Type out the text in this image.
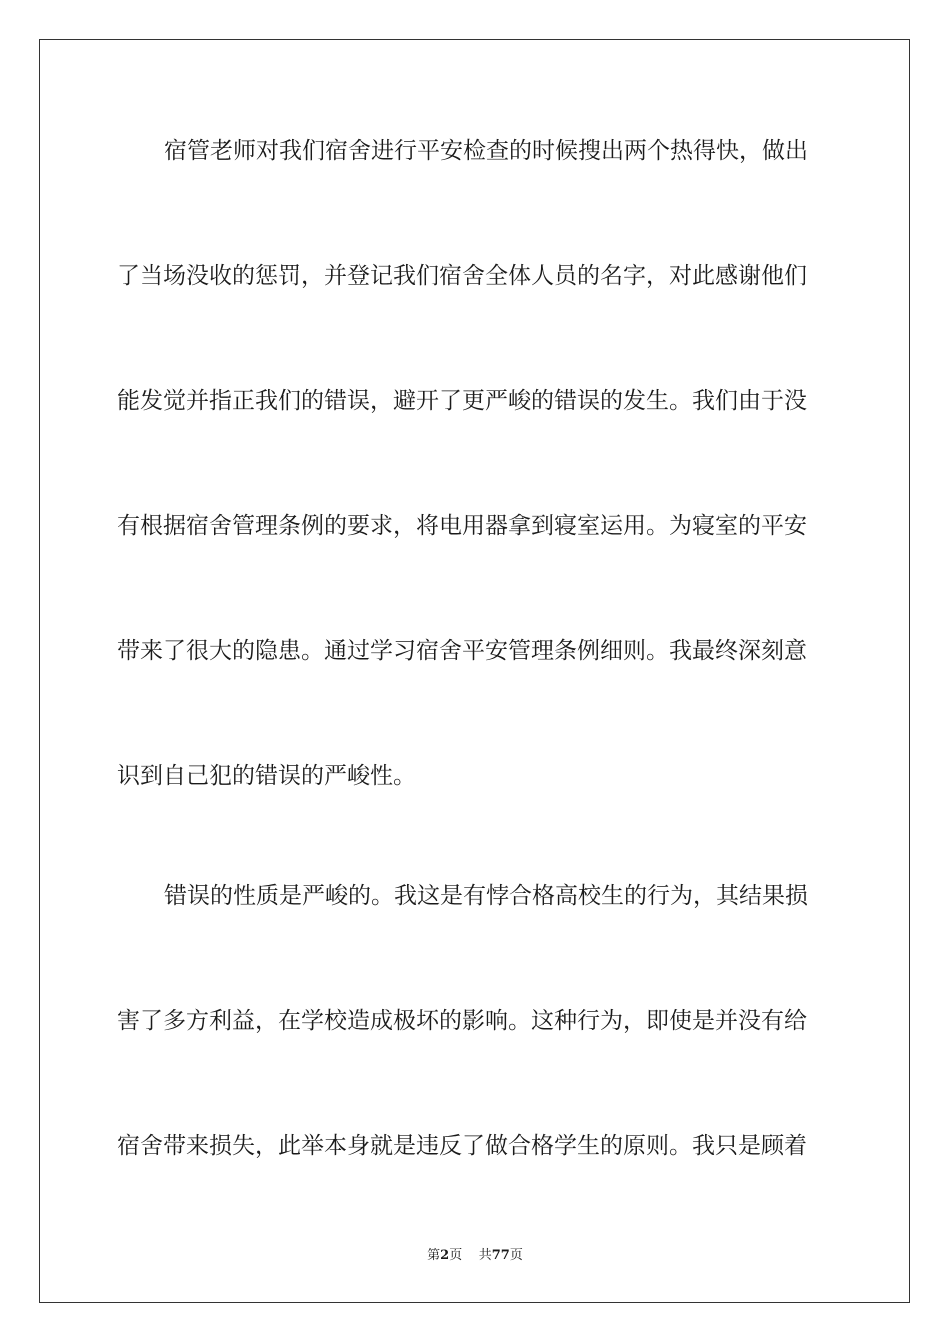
宿管老师对我们宿舍进行平安检查的时候搜出两个热得快，做出
了当场没收的惩罚，并登记我们宿舍全体人员的名字，对此感谢他们
能发觉并指正我们的错误，避开了更严峻的错误的发生。我们由于没
有根据宿舍管理条例的要求，将电用器拿到寝室运用。为寝室的平安
带来了很大的隐患。通过学习宿舍平安管理条例细则。我最终深刻意
识到自己犯的错误的严峻性。
错误的性质是严峻的。我这是有悖合格高校生的行为，其结果损
害了多方利益，在学校造成极坏的影响。这种行为，即使是并没有给
宿舍带来损失，此举本身就是违反了做合格学生的原则。我只是顾着
第2页 共77页
